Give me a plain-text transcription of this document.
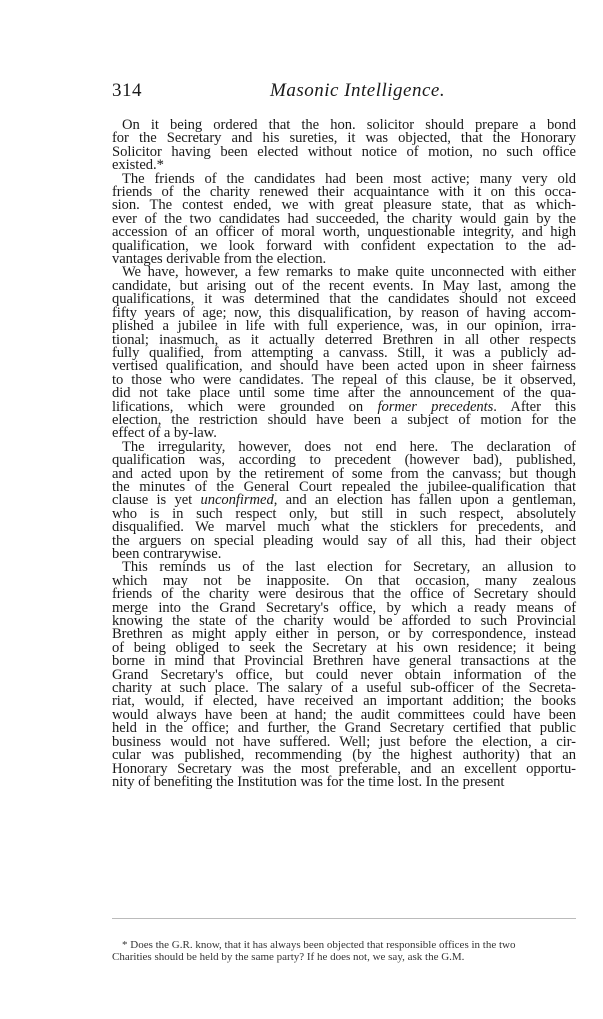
314	Masonic Intelligence.

On it being ordered that the hon. solicitor should prepare a bond
for the Secretary and his sureties, it was objected, that the Honorary
Solicitor having been elected without notice of motion, no such office
existed.*

The friends of the candidates had been most active; many very old
friends of the charity renewed their acquaintance with it on this occa-
sion. The contest ended, we with great pleasure state, that as which-
ever of the two candidates had succeeded, the charity would gain by the
accession of an officer of moral worth, unquestionable integrity, and high
qualification, we look forward with confident expectation to the ad-
vantages derivable from the election.

We have, however, a few remarks to make quite unconnected with either
candidate, but arising out of the recent events. In May last, among the
qualifications, it was determined that the candidates should not exceed
fifty years of age; now, this disqualification, by reason of having accom-
plished a jubilee in life with full experience, was, in our opinion, irra-
tional; inasmuch, as it actually deterred Brethren in all other respects
fully qualified, from attempting a canvass. Still, it was a publicly ad-
vertised qualification, and should have been acted upon in sheer fairness
to those who were candidates. The repeal of this clause, be it observed,
did not take place until some time after the announcement of the qua-
lifications, which were grounded on former precedents. After this
election, the restriction should have been a subject of motion for the
effect of a by-law.

The irregularity, however, does not end here. The declaration of
qualification was, according to precedent (however bad), published,
and acted upon by the retirement of some from the canvass; but though
the minutes of the General Court repealed the jubilee-qualification that
clause is yet unconfirmed, and an election has fallen upon a gentleman,
who is in such respect only, but still in such respect, absolutely
disqualified. We marvel much what the sticklers for precedents, and
the arguers on special pleading would say of all this, had their object
been contrarywise.

This reminds us of the last election for Secretary, an allusion to
which may not be inapposite. On that occasion, many zealous
friends of the charity were desirous that the office of Secretary should
merge into the Grand Secretary's office, by which a ready means of
knowing the state of the charity would be afforded to such Provincial
Brethren as might apply either in person, or by correspondence, instead
of being obliged to seek the Secretary at his own residence; it being
borne in mind that Provincial Brethren have general transactions at the
Grand Secretary's office, but could never obtain information of the
charity at such place. The salary of a useful sub-officer of the Secreta-
riat, would, if elected, have received an important addition; the books
would always have been at hand; the audit committees could have been
held in the office; and further, the Grand Secretary certified that public
business would not have suffered. Well; just before the election, a cir-
cular was published, recommending (by the highest authority) that an
Honorary Secretary was the most preferable, and an excellent opportu-
nity of benefiting the Institution was for the time lost. In the present

* Does the G.R. know, that it has always been objected that responsible offices in the two
Charities should be held by the same party? If he does not, we say, ask the G.M.
